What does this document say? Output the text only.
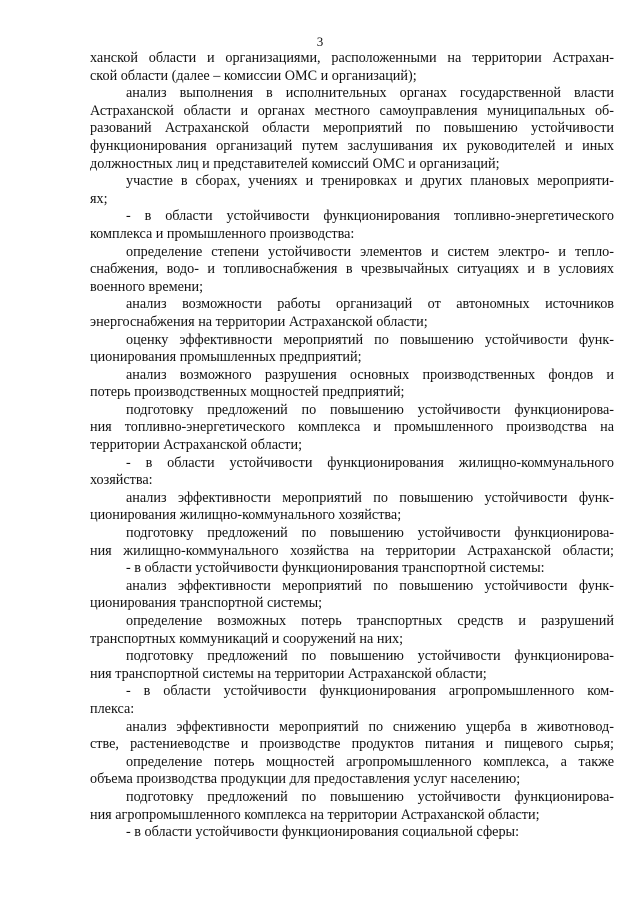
3
ханской области и организациями, расположенными на территории Астрахан-
ской области (далее – комиссии ОМС и организаций);
анализ выполнения в исполнительных органах государственной власти
Астраханской области и органах местного самоуправления муниципальных об-
разований Астраханской области мероприятий по повышению устойчивости
функционирования организаций путем заслушивания их руководителей и иных
должностных лиц и представителей комиссий ОМС и организаций;
участие в сборах, учениях и тренировках и других плановых мероприяти-
ях;
- в области устойчивости функционирования топливно-энергетического
комплекса и промышленного производства:
определение степени устойчивости элементов и систем электро- и тепло-
снабжения, водо- и топливоснабжения в чрезвычайных ситуациях и в условиях
военного времени;
анализ возможности работы организаций от автономных источников
энергоснабжения на территории Астраханской области;
оценку эффективности мероприятий по повышению устойчивости функ-
ционирования промышленных предприятий;
анализ возможного разрушения основных производственных фондов и
потерь производственных мощностей предприятий;
подготовку предложений по повышению устойчивости функционирова-
ния топливно-энергетического комплекса и промышленного производства на
территории Астраханской области;
- в области устойчивости функционирования жилищно-коммунального
хозяйства:
анализ эффективности мероприятий по повышению устойчивости функ-
ционирования жилищно-коммунального хозяйства;
подготовку предложений по повышению устойчивости функционирова-
ния жилищно-коммунального хозяйства на территории Астраханской области;
- в области устойчивости функционирования транспортной системы:
анализ эффективности мероприятий по повышению устойчивости функ-
ционирования транспортной системы;
определение возможных потерь транспортных средств и разрушений
транспортных коммуникаций и сооружений на них;
подготовку предложений по повышению устойчивости функционирова-
ния транспортной системы на территории Астраханской области;
- в области устойчивости функционирования агропромышленного ком-
плекса:
анализ эффективности мероприятий по снижению ущерба в животновод-
стве, растениеводстве и производстве продуктов питания и пищевого сырья;
определение потерь мощностей агропромышленного комплекса, а также
объема производства продукции для предоставления услуг населению;
подготовку предложений по повышению устойчивости функционирова-
ния агропромышленного комплекса на территории Астраханской области;
- в области устойчивости функционирования социальной сферы:
